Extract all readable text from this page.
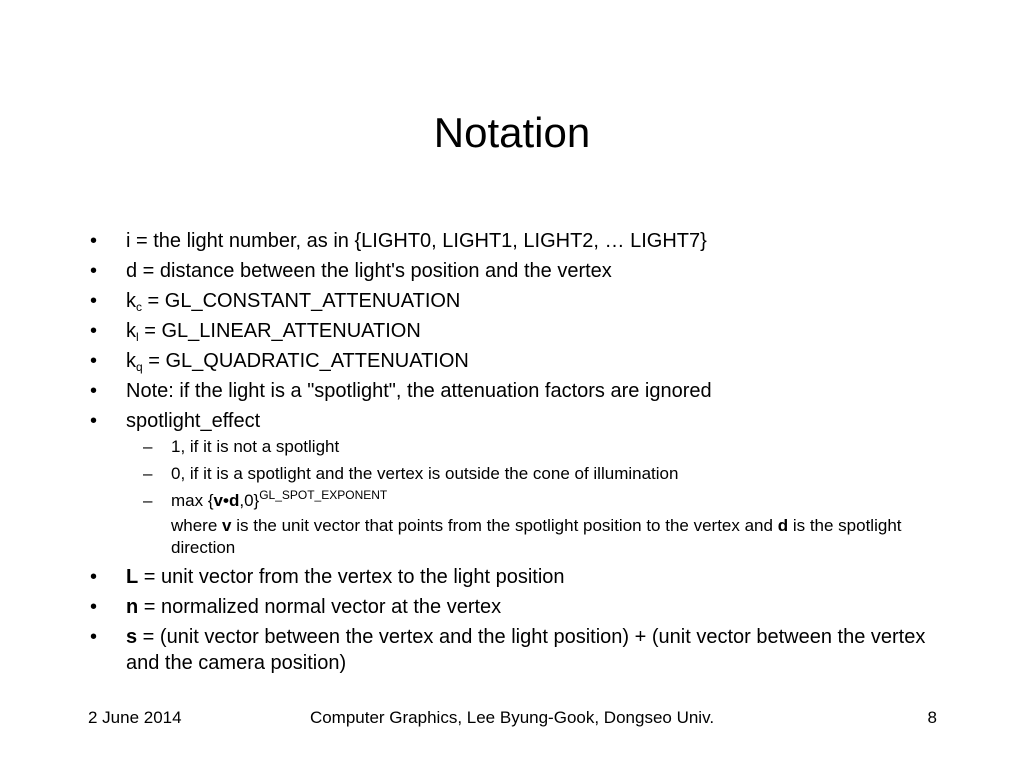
Notation
• i = the light number, as in {LIGHT0, LIGHT1, LIGHT2, … LIGHT7}
• d = distance between the light's position and the vertex
• $k_c$ = GL_CONSTANT_ATTENUATION
• $k_l$ = GL_LINEAR_ATTENUATION
• $k_q$ = GL_QUADRATIC_ATTENUATION
• Note: if the light is a "spotlight", the attenuation factors are ignored
• spotlight_effect
– 1, if it is not a spotlight
– 0, if it is a spotlight and the vertex is outside the cone of illumination
– max {v•d,0}$^{GL\_SPOT\_EXPONENT}$
where v is the unit vector that points from the spotlight position to the vertex and d is the spotlight direction
• L = unit vector from the vertex to the light position
• n = normalized normal vector at the vertex
• s = (unit vector between the vertex and the light position) + (unit vector between the vertex and the camera position)
2 June 2014	Computer Graphics, Lee Byung-Gook, Dongseo Univ.	8
